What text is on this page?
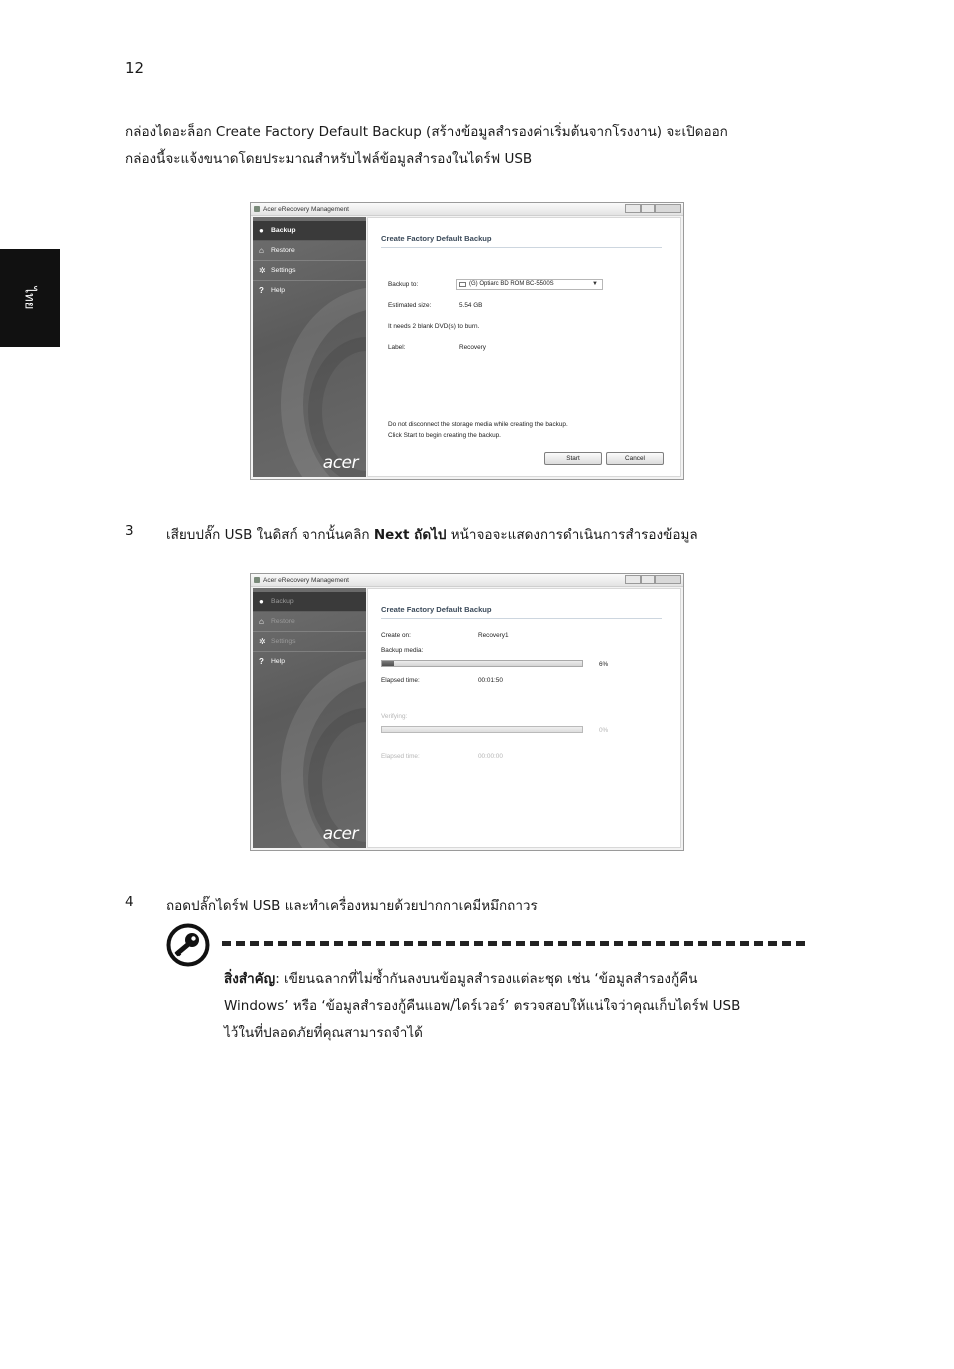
12
ไทย
กล่องไดอะล็อก Create Factory Default Backup (สร้างข้อมูลสำรองค่าเริ่มต้นจากโรงงาน) จะเปิดออก
กล่องนี้จะแจ้งขนาดโดยประมาณสำหรับไฟล์ข้อมูลสำรองในไดร์ฟ USB
Acer eRecovery Management
●	Backup
⌂	Restore
✲ Settings
?	Help
acer
Create Factory Default Backup
Backup to:	(G) Optiarc BD ROM BC-5500S	▼
Estimated size:	5.54 GB
It needs 2 blank DVD(s) to burn.
Label:	Recovery
Do not disconnect the storage media while creating the backup.
Click Start to begin creating the backup.
Start	Cancel
3 เสียบปลั๊ก USB ในดิสก์ จากนั้นคลิก Next ถัดไป หน้าจอจะแสดงการดำเนินการสำรองข้อมูล
Acer eRecovery Management
●	Backup
⌂	Restore
✲ Settings
?	Help
acer
Create Factory Default Backup
Create on:	Recovery1
Backup media:
6%
Elapsed time:	00:01:50
Verifying:
0%
Elapsed time:	00:00:00
4 ถอดปลั๊กไดร์ฟ USB และทำเครื่องหมายด้วยปากกาเคมีหมึกถาวร
สิ่งสำคัญ: เขียนฉลากที่ไม่ซ้ำกันลงบนข้อมูลสำรองแต่ละชุด เช่น ‘ข้อมูลสำรองกู้คืน
Windows’ หรือ ‘ข้อมูลสำรองกู้คืนแอพ/ไดร์เวอร์’ ตรวจสอบให้แน่ใจว่าคุณเก็บไดร์ฟ USB
ไว้ในที่ปลอดภัยที่คุณสามารถจำได้
